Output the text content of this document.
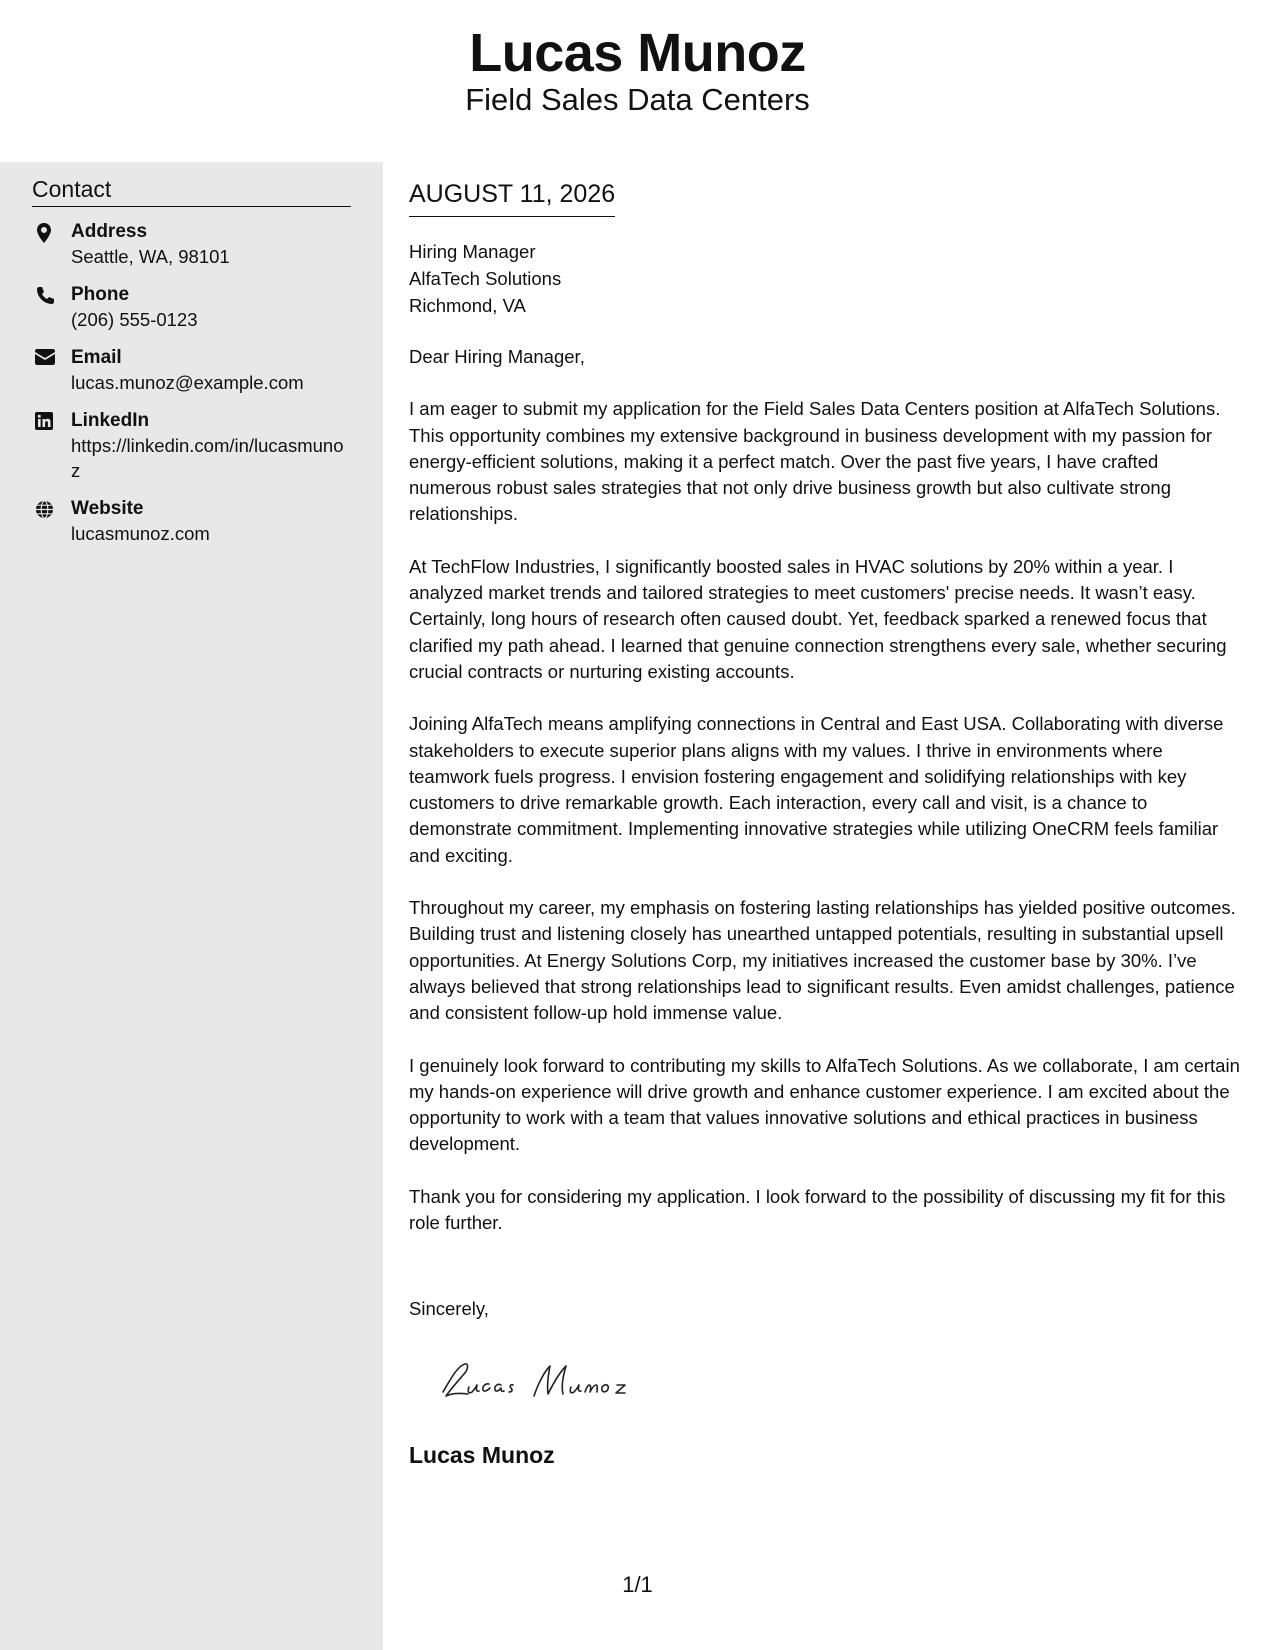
Lucas Munoz
Field Sales Data Centers
Contact
Address
Seattle, WA, 98101
Phone
(206) 555-0123
Email
lucas.munoz@example.com
LinkedIn
https://linkedin.com/in/lucasmunoz
Website
lucasmunoz.com
AUGUST 11, 2026
Hiring Manager
AlfaTech Solutions
Richmond, VA

Dear Hiring Manager,

I am eager to submit my application for the Field Sales Data Centers position at AlfaTech Solutions. This opportunity combines my extensive background in business development with my passion for energy-efficient solutions, making it a perfect match. Over the past five years, I have crafted numerous robust sales strategies that not only drive business growth but also cultivate strong relationships.

At TechFlow Industries, I significantly boosted sales in HVAC solutions by 20% within a year. I analyzed market trends and tailored strategies to meet customers' precise needs. It wasn’t easy. Certainly, long hours of research often caused doubt. Yet, feedback sparked a renewed focus that clarified my path ahead. I learned that genuine connection strengthens every sale, whether securing crucial contracts or nurturing existing accounts.

Joining AlfaTech means amplifying connections in Central and East USA. Collaborating with diverse stakeholders to execute superior plans aligns with my values. I thrive in environments where teamwork fuels progress. I envision fostering engagement and solidifying relationships with key customers to drive remarkable growth. Each interaction, every call and visit, is a chance to demonstrate commitment. Implementing innovative strategies while utilizing OneCRM feels familiar and exciting.

Throughout my career, my emphasis on fostering lasting relationships has yielded positive outcomes. Building trust and listening closely has unearthed untapped potentials, resulting in substantial upsell opportunities. At Energy Solutions Corp, my initiatives increased the customer base by 30%. I’ve always believed that strong relationships lead to significant results. Even amidst challenges, patience and consistent follow-up hold immense value.

I genuinely look forward to contributing my skills to AlfaTech Solutions. As we collaborate, I am certain my hands-on experience will drive growth and enhance customer experience. I am excited about the opportunity to work with a team that values innovative solutions and ethical practices in business development.

Thank you for considering my application. I look forward to the possibility of discussing my fit for this role further.

Sincerely,
Lucas Munoz
1/1
